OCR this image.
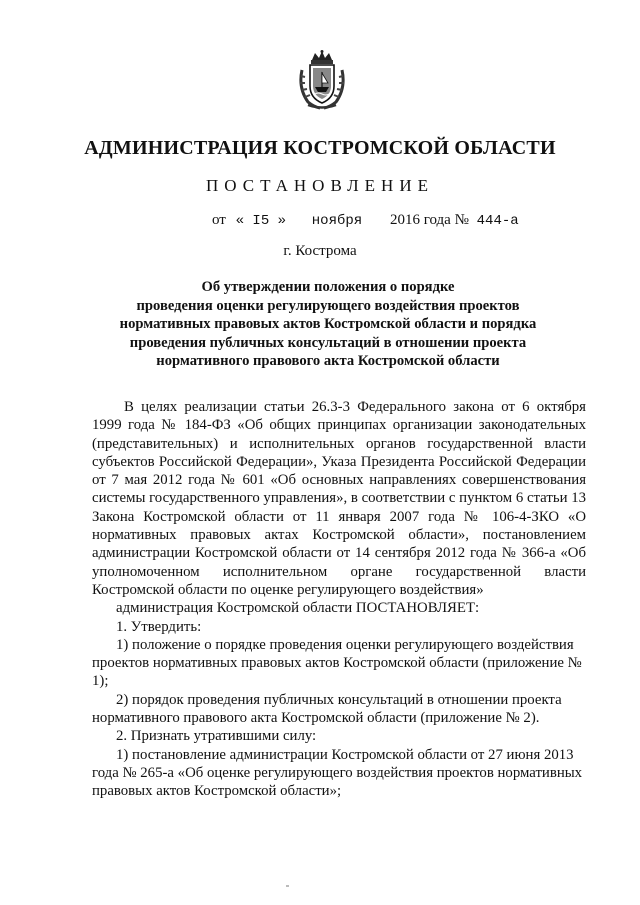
АДМИНИСТРАЦИЯ КОСТРОМСКОЙ ОБЛАСТИ
ПОСТАНОВЛЕНИЕ
от « I5 » ноября 2016 года № 444-а
г. Кострома
Об утверждении положения о порядке
проведения оценки регулирующего воздействия проектов
нормативных правовых актов Костромской области и порядка
проведения публичных консультаций в отношении проекта
нормативного правового акта Костромской области

В целях реализации статьи 26.3-3 Федерального закона от 6 октября 1999 года № 184-ФЗ «Об общих принципах организации законодательных (представительных) и исполнительных органов государственной власти субъектов Российской Федерации», Указа Президента Российской Федерации от 7 мая 2012 года № 601 «Об основных направлениях совершенствования системы государственного управления», в соответствии с пунктом 6 статьи 13 Закона Костромской области от 11 января 2007 года № 106-4-ЗКО «О нормативных правовых актах Костромской области», постановлением администрации Костромской области от 14 сентября 2012 года № 366-а «Об уполномоченном исполнительном органе государственной власти Костромской области по оценке регулирующего воздействия»

администрация Костромской области ПОСТАНОВЛЯЕТ:

1. Утвердить:

1) положение о порядке проведения оценки регулирующего воздействия проектов нормативных правовых актов Костромской области (приложение № 1);

2) порядок проведения публичных консультаций в отношении проекта нормативного правового акта Костромской области (приложение № 2).

2. Признать утратившими силу:

1) постановление администрации Костромской области от 27 июня 2013 года № 265-а «Об оценке регулирующего воздействия проектов нормативных правовых актов Костромской области»;
